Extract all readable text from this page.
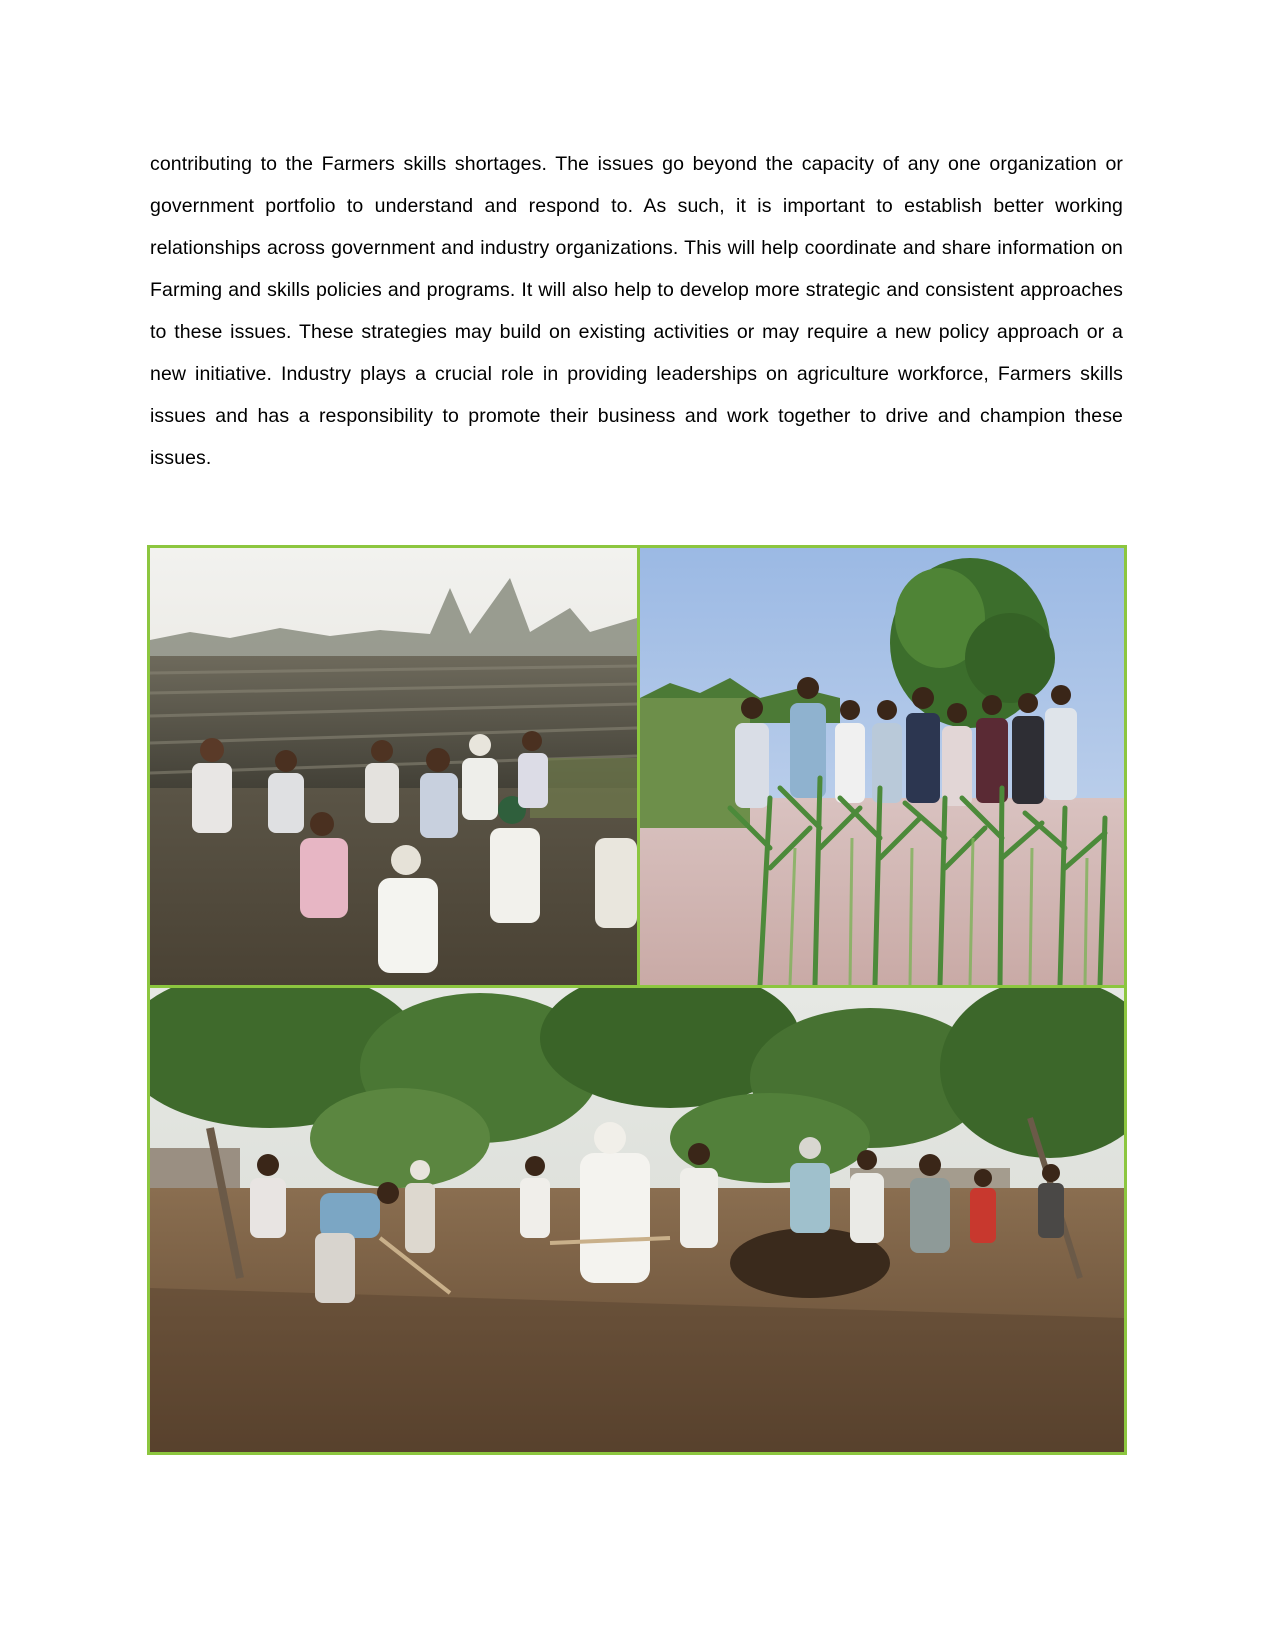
contributing to the Farmers skills shortages. The issues go beyond the capacity of any one organization or government portfolio to understand and respond to. As such, it is important to establish better working relationships across government and industry organizations. This will help coordinate and share information on Farming and skills policies and programs. It will also help to develop more strategic and consistent approaches to these issues. These strategies may build on existing activities or may require a new policy approach or a new initiative. Industry plays a crucial role in providing leaderships on agriculture workforce, Farmers skills issues and has a responsibility to promote their business and work together to drive and champion these issues.
